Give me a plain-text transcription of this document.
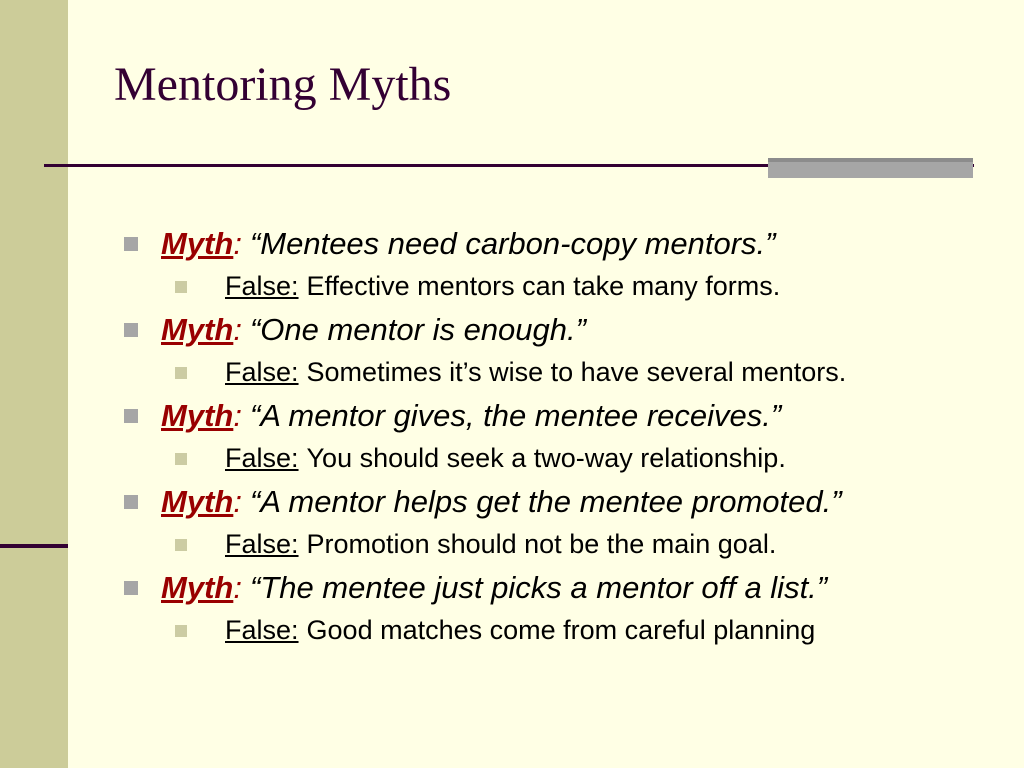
Mentoring Myths
Myth : “Mentees need carbon-copy mentors.”
False: Effective mentors can take many forms.
Myth : “One mentor is enough.”
False: Sometimes it’s wise to have several mentors.
Myth : “A mentor gives, the mentee receives.”
False: You should seek a two-way relationship.
Myth : “A mentor helps get the mentee promoted.”
False: Promotion should not be the main goal.
Myth : “The mentee just picks a mentor off a list.”
False: Good matches come from careful planning
